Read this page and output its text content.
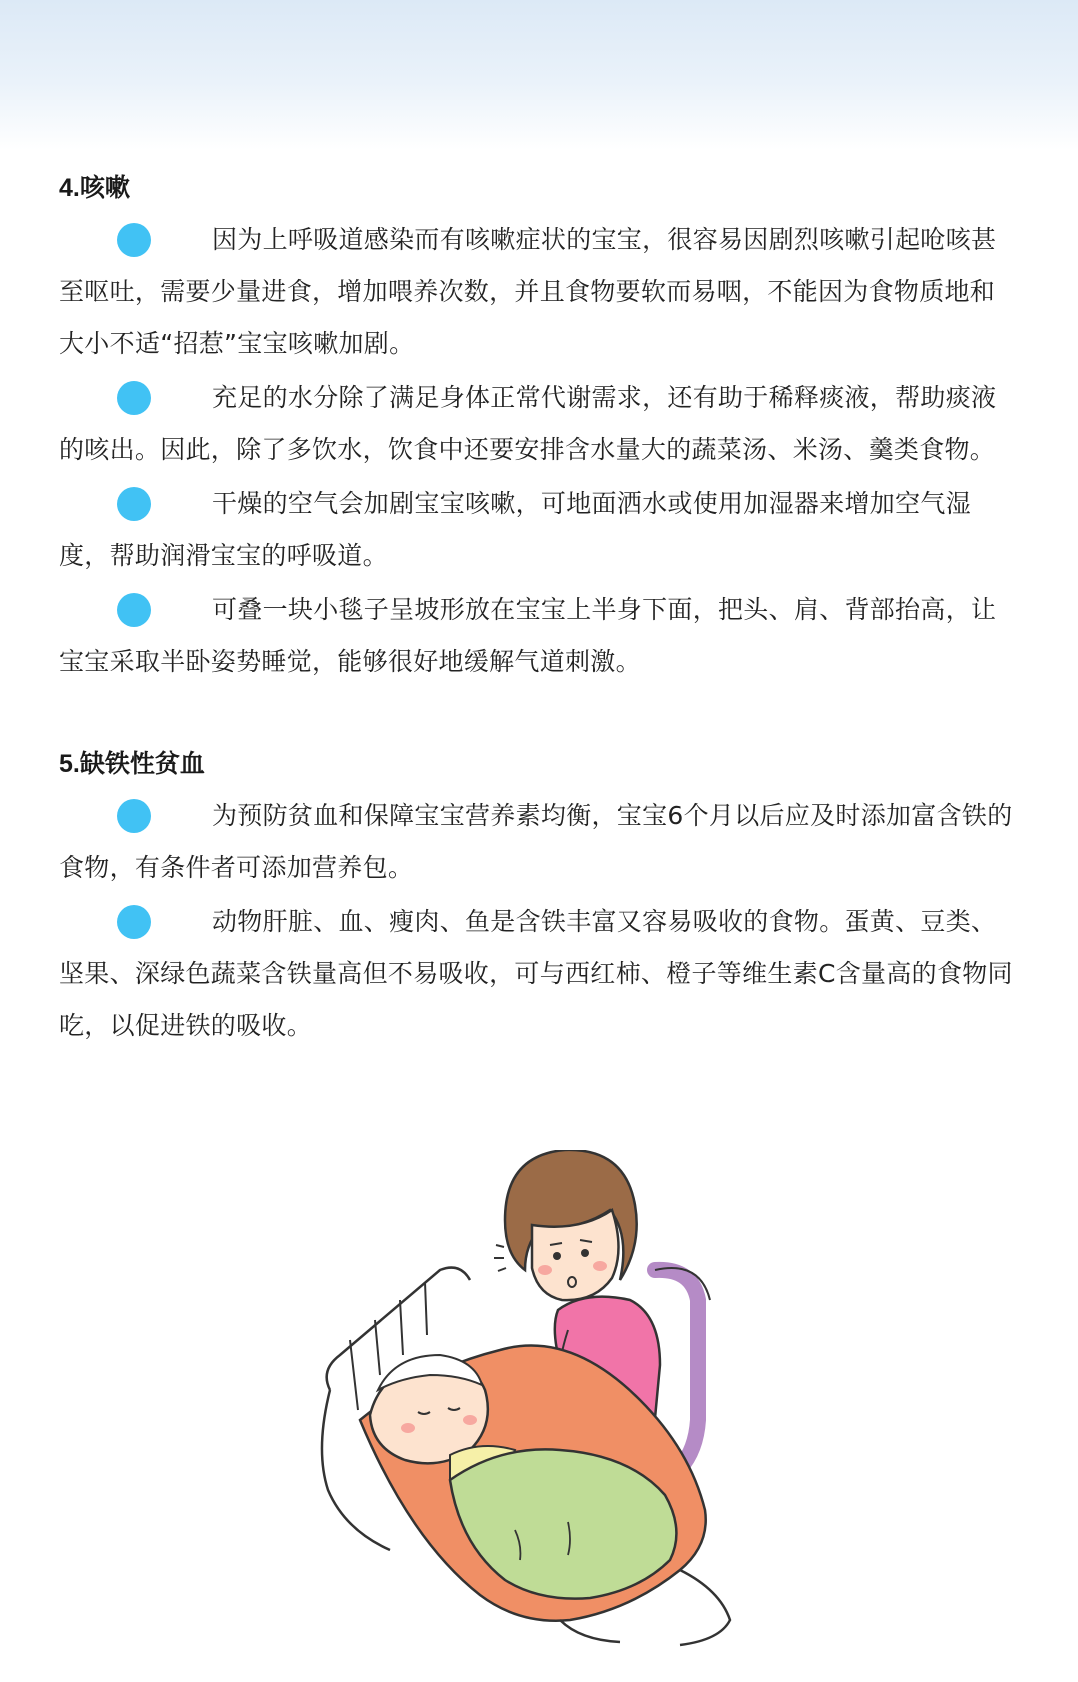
4.咳嗽

因为上呼吸道感染而有咳嗽症状的宝宝，很容易因剧烈咳嗽引起呛咳甚至呕吐，需要少量进食，增加喂养次数，并且食物要软而易咽，不能因为食物质地和大小不适“招惹”宝宝咳嗽加剧。

充足的水分除了满足身体正常代谢需求，还有助于稀释痰液，帮助痰液的咳出。因此，除了多饮水，饮食中还要安排含水量大的蔬菜汤、米汤、羹类食物。

干燥的空气会加剧宝宝咳嗽，可地面洒水或使用加湿器来增加空气湿度，帮助润滑宝宝的呼吸道。

可叠一块小毯子呈坡形放在宝宝上半身下面，把头、肩、背部抬高，让宝宝采取半卧姿势睡觉，能够很好地缓解气道刺激。

5.缺铁性贫血

为预防贫血和保障宝宝营养素均衡，宝宝6个月以后应及时添加富含铁的食物，有条件者可添加营养包。

动物肝脏、血、瘦肉、鱼是含铁丰富又容易吸收的食物。蛋黄、豆类、坚果、深绿色蔬菜含铁量高但不易吸收，可与西红柿、橙子等维生素C含量高的食物同吃，以促进铁的吸收。
